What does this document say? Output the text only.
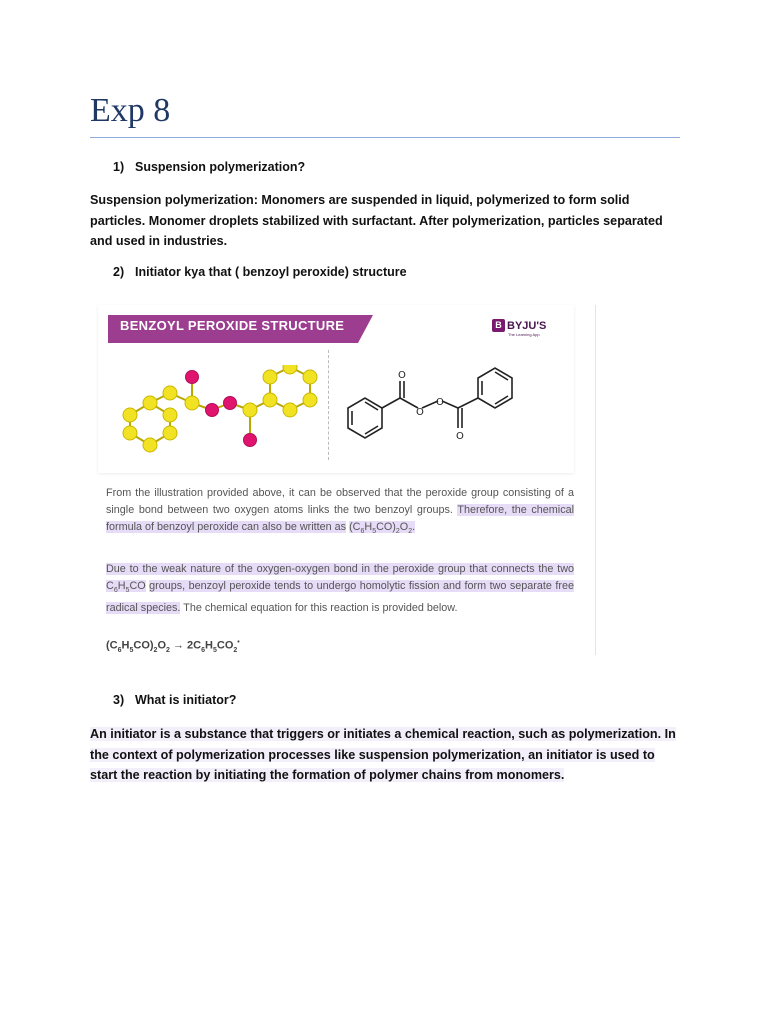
Exp 8
1) Suspension polymerization?
Suspension polymerization: Monomers are suspended in liquid, polymerized to form solid particles. Monomer droplets stabilized with surfactant. After polymerization, particles separated and used in industries.
2) Initiator kya that ( benzoyl peroxide) structure
BENZOYL PEROXIDE STRUCTURE	B BYJU'S
The Learning App
O
O
O
O
From the illustration provided above, it can be observed that the peroxide group consisting of a single bond between two oxygen atoms links the two benzoyl groups. Therefore, the chemical formula of benzoyl peroxide can also be written as $(C_6H_5CO)_2O_2$.
Due to the weak nature of the oxygen-oxygen bond in the peroxide group that connects the two $C_6H_5CO$ groups, benzoyl peroxide tends to undergo homolytic fission and form two separate free radical species. The chemical equation for this reaction is provided below.
$(C_6H_5CO)_2O_2 \to 2C_6H_5CO_2^•$
3) What is initiator?
An initiator is a substance that triggers or initiates a chemical reaction, such as polymerization. In the context of polymerization processes like suspension polymerization, an initiator is used to start the reaction by initiating the formation of polymer chains from monomers.
